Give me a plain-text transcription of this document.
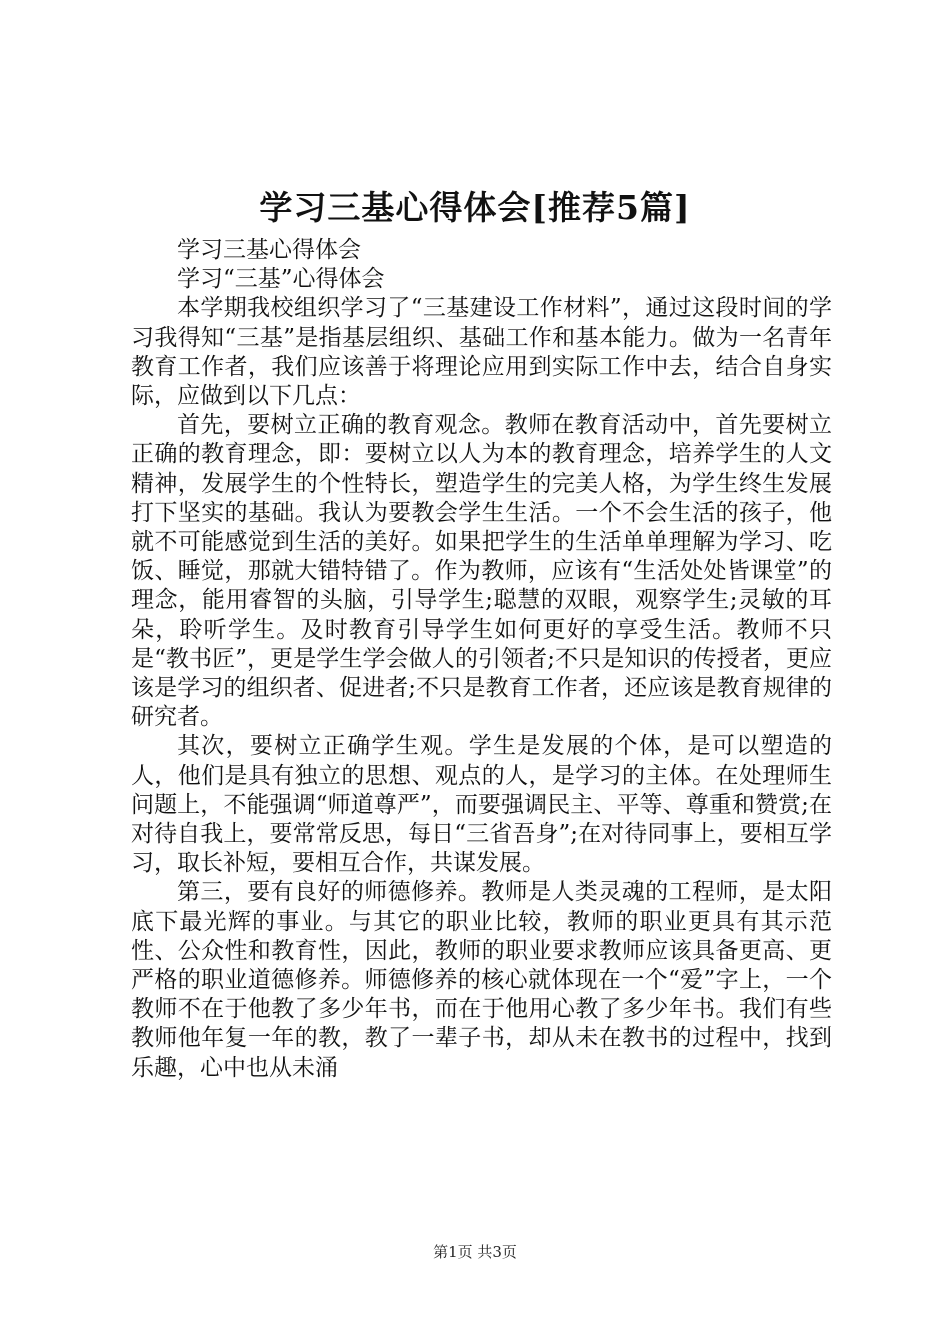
学习三基心得体会[推荐5篇]

学习三基心得体会

学习“三基”心得体会

本学期我校组织学习了“三基建设工作材料”，通过这段时间的学习我得知“三基”是指基层组织、基础工作和基本能力。做为一名青年教育工作者，我们应该善于将理论应用到实际工作中去，结合自身实际，应做到以下几点：

首先，要树立正确的教育观念。教师在教育活动中，首先要树立正确的教育理念，即：要树立以人为本的教育理念，培养学生的人文精神，发展学生的个性特长，塑造学生的完美人格，为学生终生发展打下坚实的基础。我认为要教会学生生活。一个不会生活的孩子，他就不可能感觉到生活的美好。如果把学生的生活单单理解为学习、吃饭、睡觉，那就大错特错了。作为教师，应该有“生活处处皆课堂”的理念，能用睿智的头脑，引导学生;聪慧的双眼，观察学生;灵敏的耳朵，聆听学生。及时教育引导学生如何更好的享受生活。教师不只是“教书匠”，更是学生学会做人的引领者;不只是知识的传授者，更应该是学习的组织者、促进者;不只是教育工作者，还应该是教育规律的研究者。

其次，要树立正确学生观。学生是发展的个体，是可以塑造的人，他们是具有独立的思想、观点的人，是学习的主体。在处理师生问题上，不能强调“师道尊严”，而要强调民主、平等、尊重和赞赏;在对待自我上，要常常反思，每日“三省吾身”;在对待同事上，要相互学习，取长补短，要相互合作，共谋发展。

第三，要有良好的师德修养。教师是人类灵魂的工程师，是太阳底下最光辉的事业。与其它的职业比较，教师的职业更具有其示范性、公众性和教育性，因此，教师的职业要求教师应该具备更高、更严格的职业道德修养。师德修养的核心就体现在一个“爱”字上，一个教师不在于他教了多少年书，而在于他用心教了多少年书。我们有些教师他年复一年的教，教了一辈子书，却从未在教书的过程中，找到乐趣，心中也从未涌

第1页 共3页
